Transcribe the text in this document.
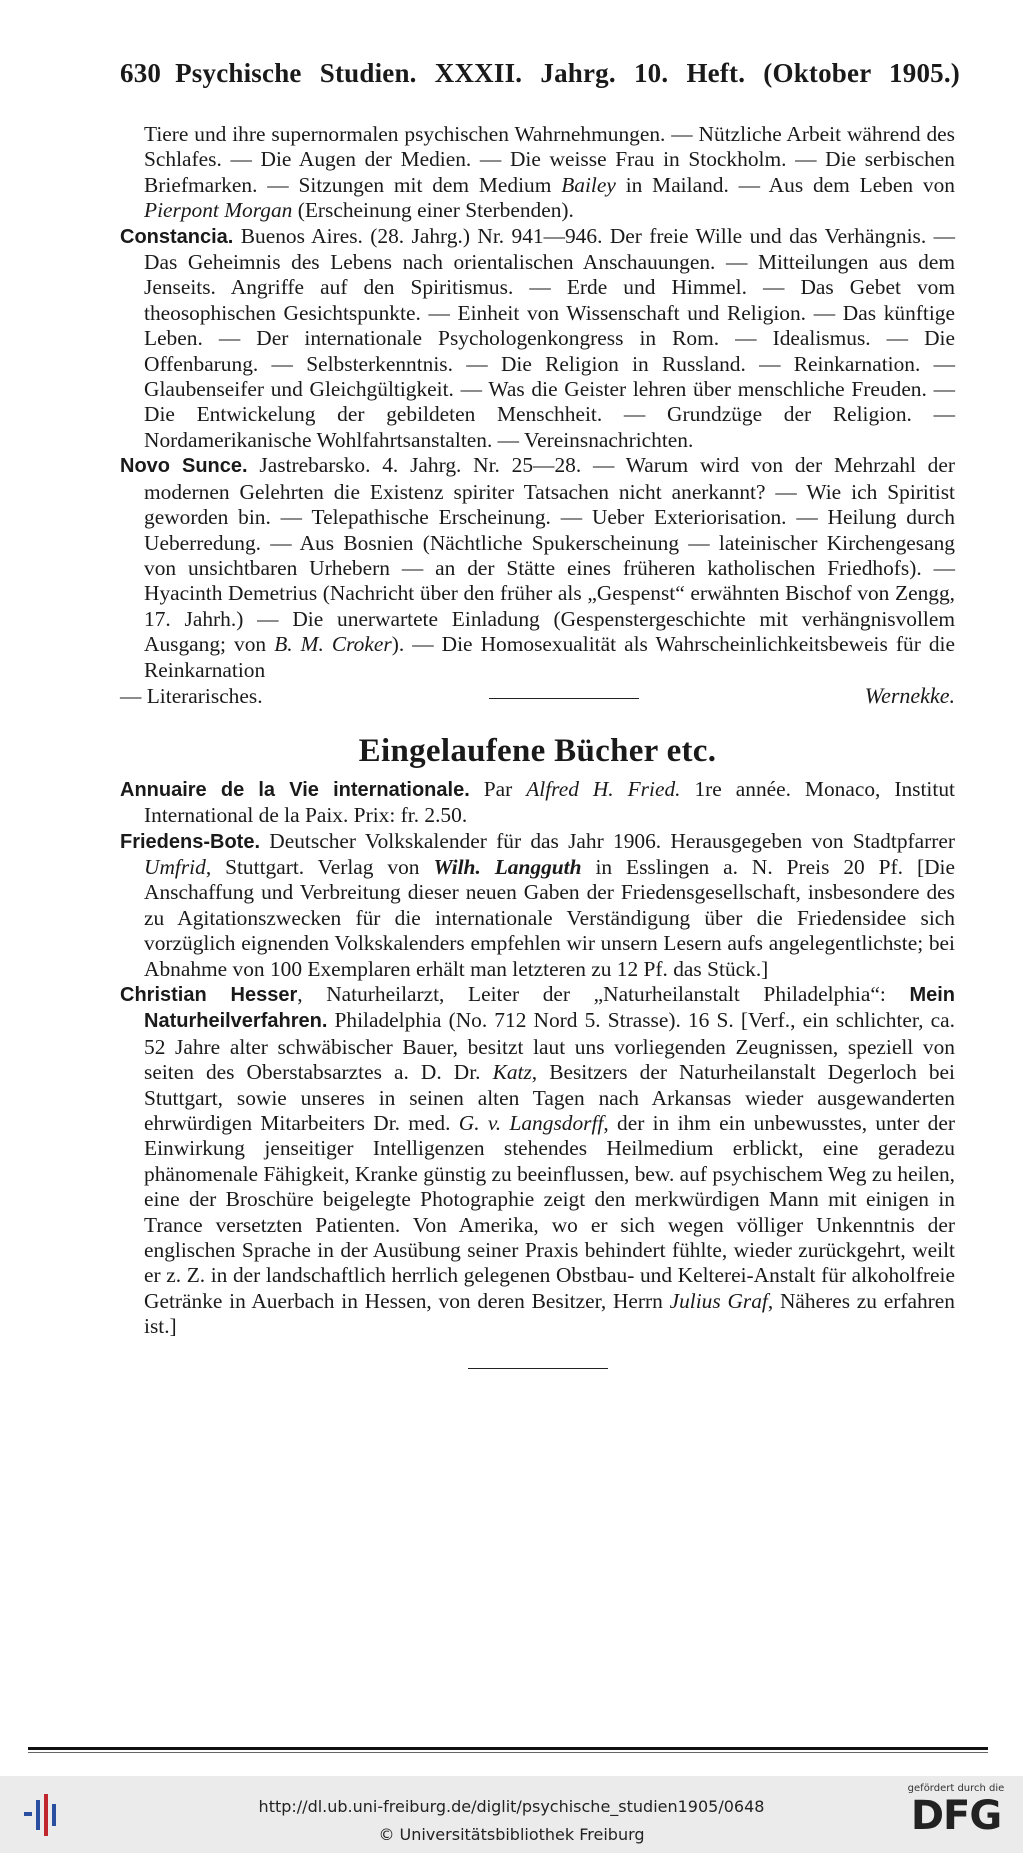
630 Psychische Studien. XXXII. Jahrg. 10. Heft. (Oktober 1905.)

Tiere und ihre supernormalen psychischen Wahrnehmungen. — Nützliche Arbeit während des Schlafes. — Die Augen der Medien. — Die weisse Frau in Stockholm. — Die serbischen Briefmarken. — Sitzungen mit dem Medium Bailey in Mailand. — Aus dem Leben von Pierpont Morgan (Erscheinung einer Sterbenden).

Constancia. Buenos Aires. (28. Jahrg.) Nr. 941—946. Der freie Wille und das Verhängnis. — Das Geheimnis des Lebens nach orientalischen Anschauungen. — Mitteilungen aus dem Jenseits. Angriffe auf den Spiritismus. — Erde und Himmel. — Das Gebet vom theosophischen Gesichtspunkte. — Einheit von Wissenschaft und Religion. — Das künftige Leben. — Der internationale Psychologenkongress in Rom. — Idealismus. — Die Offenbarung. — Selbsterkenntnis. — Die Religion in Russland. — Reinkarnation. — Glaubenseifer und Gleichgültigkeit. — Was die Geister lehren über menschliche Freuden. — Die Entwickelung der gebildeten Menschheit. — Grundzüge der Religion. — Nordamerikanische Wohlfahrtsanstalten. — Vereinsnachrichten.

Novo Sunce. Jastrebarsko. 4. Jahrg. Nr. 25—28. — Warum wird von der Mehrzahl der modernen Gelehrten die Existenz spiriter Tatsachen nicht anerkannt? — Wie ich Spiritist geworden bin. — Telepathische Erscheinung. — Ueber Exteriorisation. — Heilung durch Ueberredung. — Aus Bosnien (Nächtliche Spukerscheinung — lateinischer Kirchengesang von unsichtbaren Urhebern — an der Stätte eines früheren katholischen Friedhofs). — Hyacinth Demetrius (Nachricht über den früher als „Gespenst“ erwähnten Bischof von Zengg, 17. Jahrh.) — Die unerwartete Einladung (Gespenstergeschichte mit verhängnisvollem Ausgang; von B. M. Croker). — Die Homosexualität als Wahrscheinlichkeitsbeweis für die Reinkarnation

— Literarisches.	Wernekke.
Eingelaufene Bücher etc.

Annuaire de la Vie internationale. Par Alfred H. Fried. 1re année. Monaco, Institut International de la Paix. Prix: fr. 2.50.

Friedens-Bote. Deutscher Volkskalender für das Jahr 1906. Herausgegeben von Stadtpfarrer Umfrid, Stuttgart. Verlag von Wilh. Langguth in Esslingen a. N. Preis 20 Pf. [Die Anschaffung und Verbreitung dieser neuen Gaben der Friedensgesellschaft, insbesondere des zu Agitationszwecken für die internationale Verständigung über die Friedensidee sich vorzüglich eignenden Volkskalenders empfehlen wir unsern Lesern aufs angelegentlichste; bei Abnahme von 100 Exemplaren erhält man letzteren zu 12 Pf. das Stück.]

Christian Hesser, Naturheilarzt, Leiter der „Naturheilanstalt Philadelphia“: Mein Naturheilverfahren. Philadelphia (No. 712 Nord 5. Strasse). 16 S. [Verf., ein schlichter, ca. 52 Jahre alter schwäbischer Bauer, besitzt laut uns vorliegenden Zeugnissen, speziell von seiten des Oberstabsarztes a. D. Dr. Katz, Besitzers der Naturheilanstalt Degerloch bei Stuttgart, sowie unseres in seinen alten Tagen nach Arkansas wieder ausgewanderten ehrwürdigen Mitarbeiters Dr. med. G. v. Langsdorff, der in ihm ein unbewusstes, unter der Einwirkung jenseitiger Intelligenzen stehendes Heilmedium erblickt, eine geradezu phänomenale Fähigkeit, Kranke günstig zu beeinflussen, bew. auf psychischem Weg zu heilen, eine der Broschüre beigelegte Photographie zeigt den merkwürdigen Mann mit einigen in Trance versetzten Patienten. Von Amerika, wo er sich wegen völliger Unkenntnis der englischen Sprache in der Ausübung seiner Praxis behindert fühlte, wieder zurückgehrt, weilt er z. Z. in der landschaftlich herrlich gelegenen Obstbau- und Kelterei-Anstalt für alkoholfreie Getränke in Auerbach in Hessen, von deren Besitzer, Herrn Julius Graf, Näheres zu erfahren ist.]

http://dl.ub.uni-freiburg.de/diglit/psychische_studien1905/0648
© Universitätsbibliothek Freiburg
gefördert durch die
DFG
